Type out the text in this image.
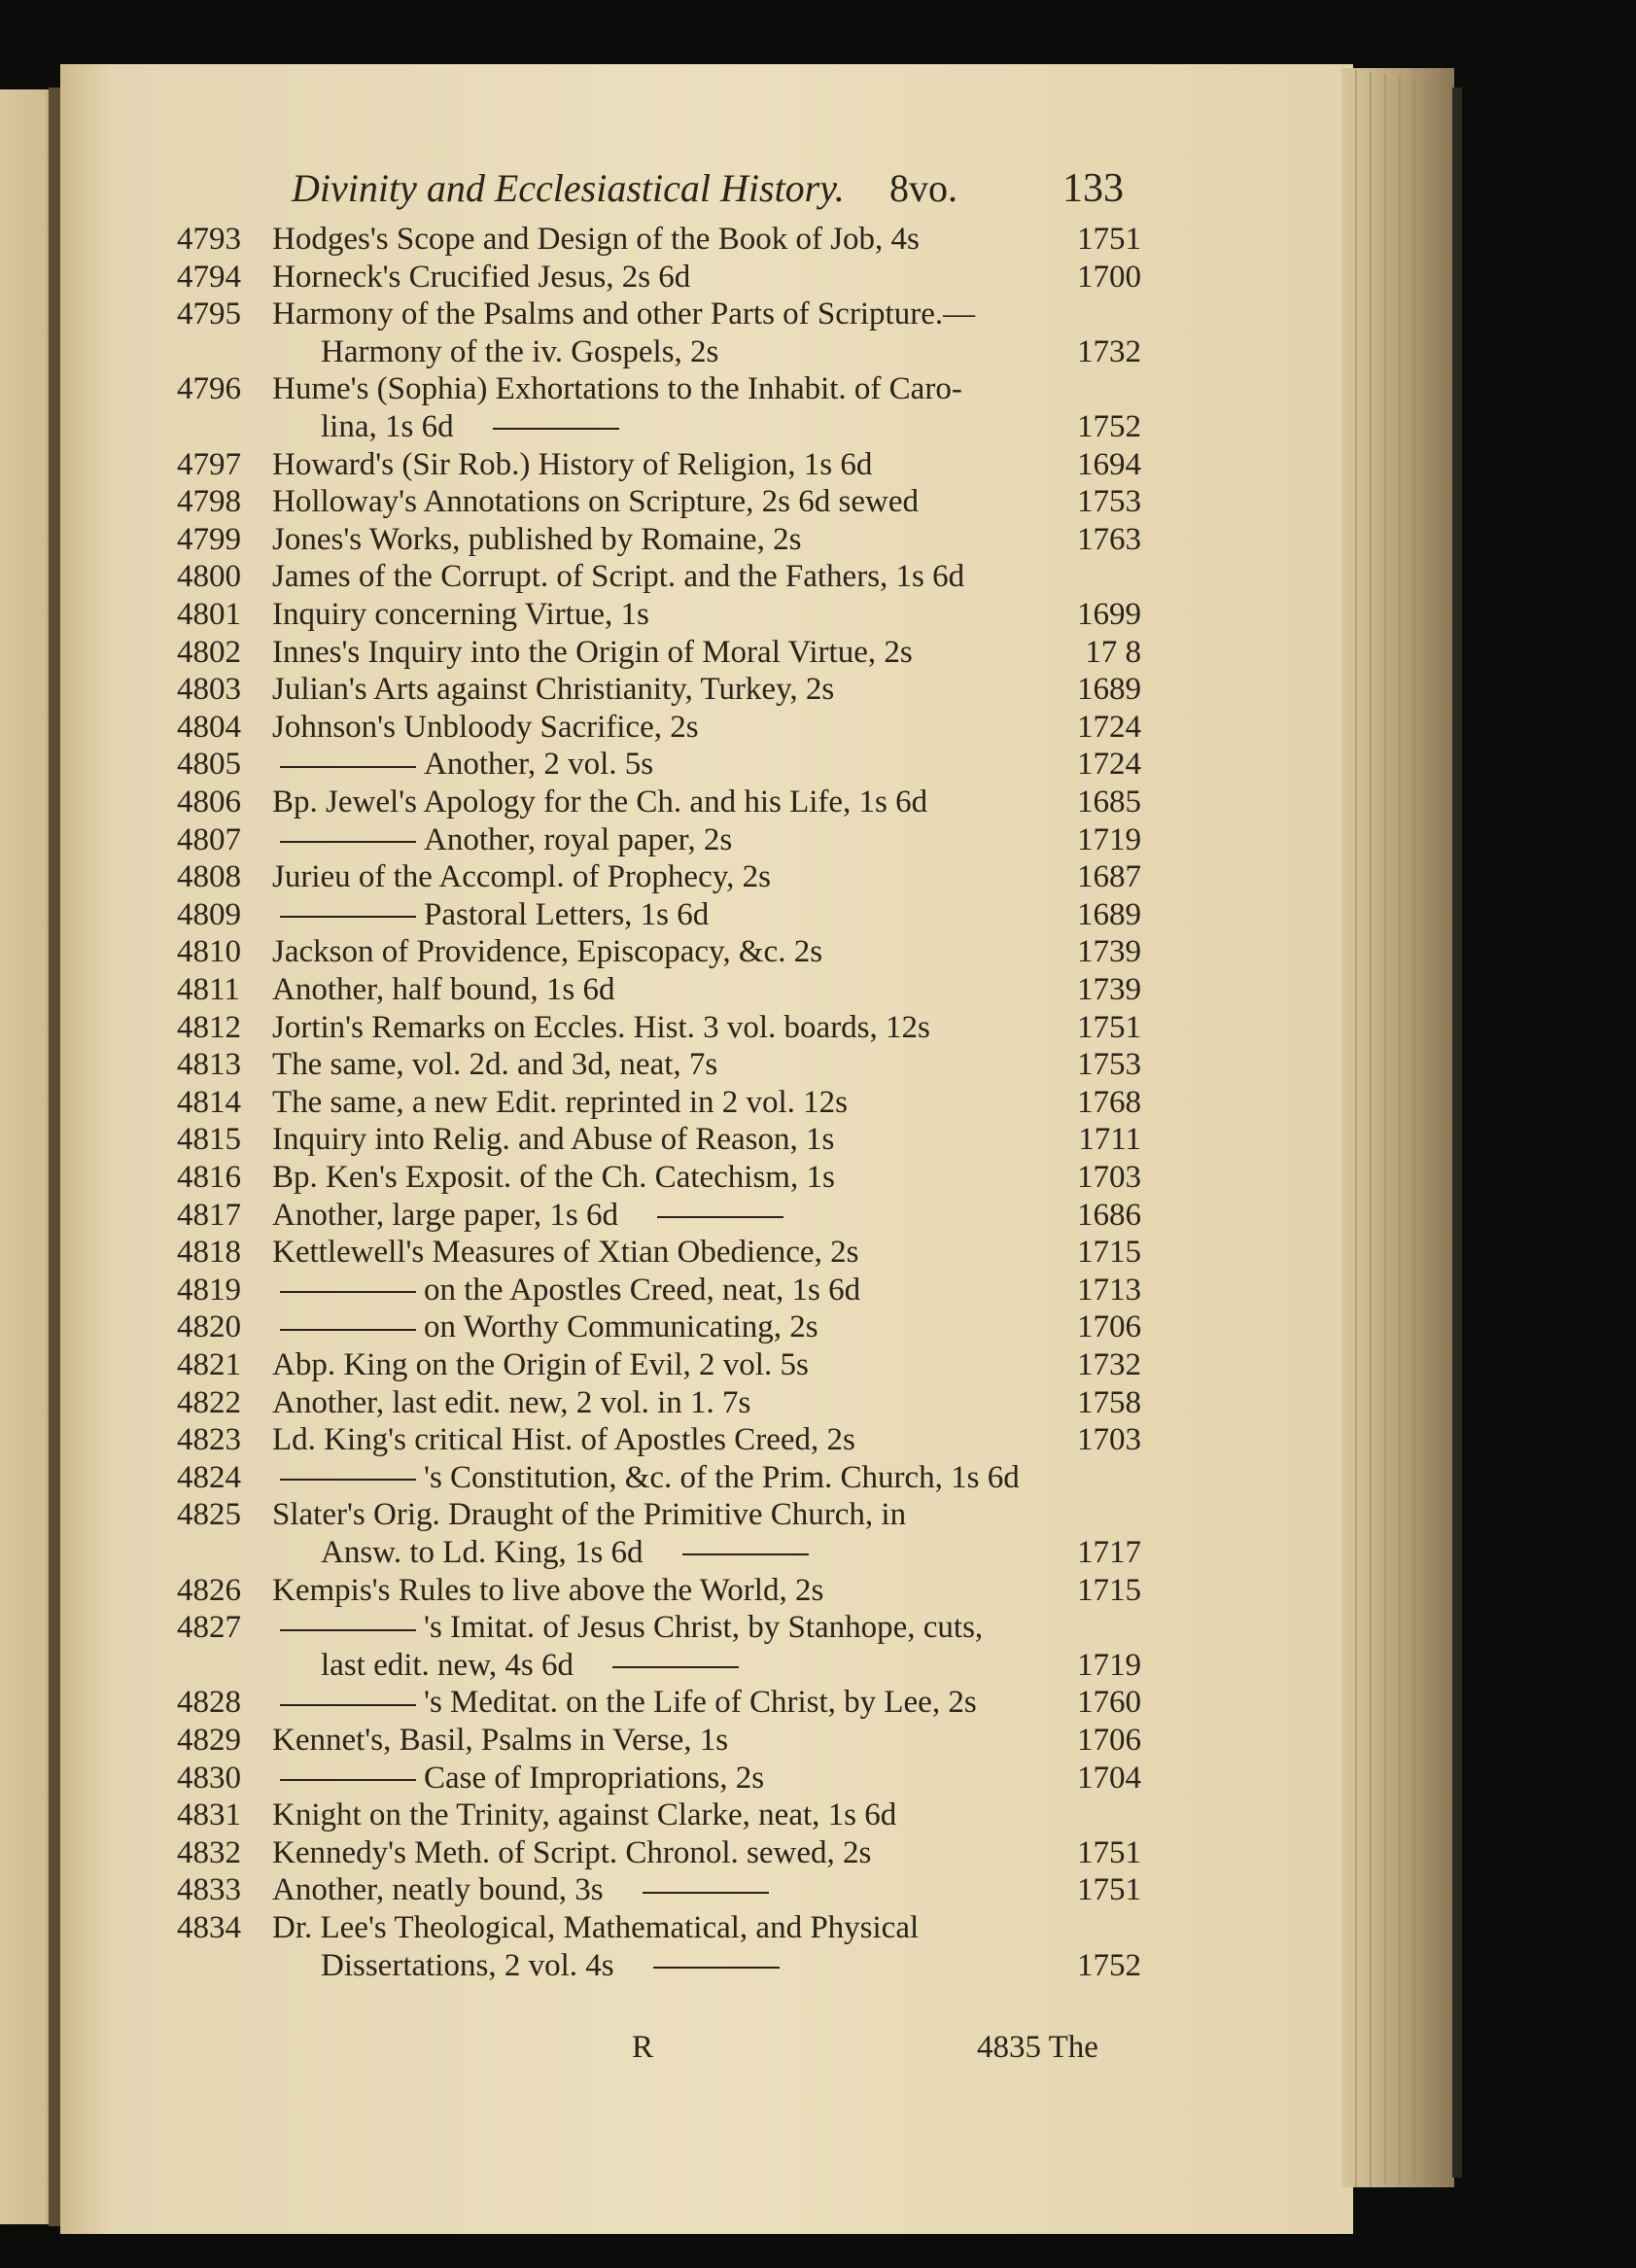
Divinity and Ecclesiastical History. 8vo.	133
4793 Hodges's Scope and Design of the Book of Job, 4s	1751
4794 Horneck's Crucified Jesus, 2s 6d	1700
4795 Harmony of the Psalms and other Parts of Scripture.—
Harmony of the iv. Gospels, 2s	1732
4796 Hume's (Sophia) Exhortations to the Inhabit. of Caro-
lina, 1s 6d	1752
4797 Howard's (Sir Rob.) History of Religion, 1s 6d	1694
4798 Holloway's Annotations on Scripture, 2s 6d sewed	1753
4799 Jones's Works, published by Romaine, 2s	1763
4800 James of the Corrupt. of Script. and the Fathers, 1s 6d
4801 Inquiry concerning Virtue, 1s	1699
4802 Innes's Inquiry into the Origin of Moral Virtue, 2s	17 8
4803 Julian's Arts against Christianity, Turkey, 2s	1689
4804 Johnson's Unbloody Sacrifice, 2s	1724
4805	Another, 2 vol. 5s	1724
4806 Bp. Jewel's Apology for the Ch. and his Life, 1s 6d	1685
4807	Another, royal paper, 2s	1719
4808 Jurieu of the Accompl. of Prophecy, 2s	1687
4809	Pastoral Letters, 1s 6d	1689
4810 Jackson of Providence, Episcopacy, &c. 2s	1739
4811	Another, half bound, 1s 6d	1739
4812 Jortin's Remarks on Eccles. Hist. 3 vol. boards, 12s	1751
4813 The same, vol. 2d. and 3d, neat, 7s	1753
4814 The same, a new Edit. reprinted in 2 vol. 12s	1768
4815 Inquiry into Relig. and Abuse of Reason, 1s	1711
4816 Bp. Ken's Exposit. of the Ch. Catechism, 1s	1703
4817 Another, large paper, 1s 6d	1686
4818 Kettlewell's Measures of Xtian Obedience, 2s	1715
4819	on the Apostles Creed, neat, 1s 6d	1713
4820	on Worthy Communicating, 2s	1706
4821 Abp. King on the Origin of Evil, 2 vol. 5s	1732
4822 Another, last edit. new, 2 vol. in 1. 7s	1758
4823 Ld. King's critical Hist. of Apostles Creed, 2s	1703
4824	's Constitution, &c. of the Prim. Church, 1s 6d
4825 Slater's Orig. Draught of the Primitive Church, in
Answ. to Ld. King, 1s 6d	1717
4826 Kempis's Rules to live above the World, 2s	1715
4827	's Imitat. of Jesus Christ, by Stanhope, cuts,
last edit. new, 4s 6d	1719
4828	's Meditat. on the Life of Christ, by Lee, 2s	1760
4829 Kennet's, Basil, Psalms in Verse, 1s	1706
4830	Case of Impropriations, 2s	1704
4831 Knight on the Trinity, against Clarke, neat, 1s 6d
4832 Kennedy's Meth. of Script. Chronol. sewed, 2s	1751
4833 Another, neatly bound, 3s	1751
4834 Dr. Lee's Theological, Mathematical, and Physical
Dissertations, 2 vol. 4s	1752
R	4835 The
